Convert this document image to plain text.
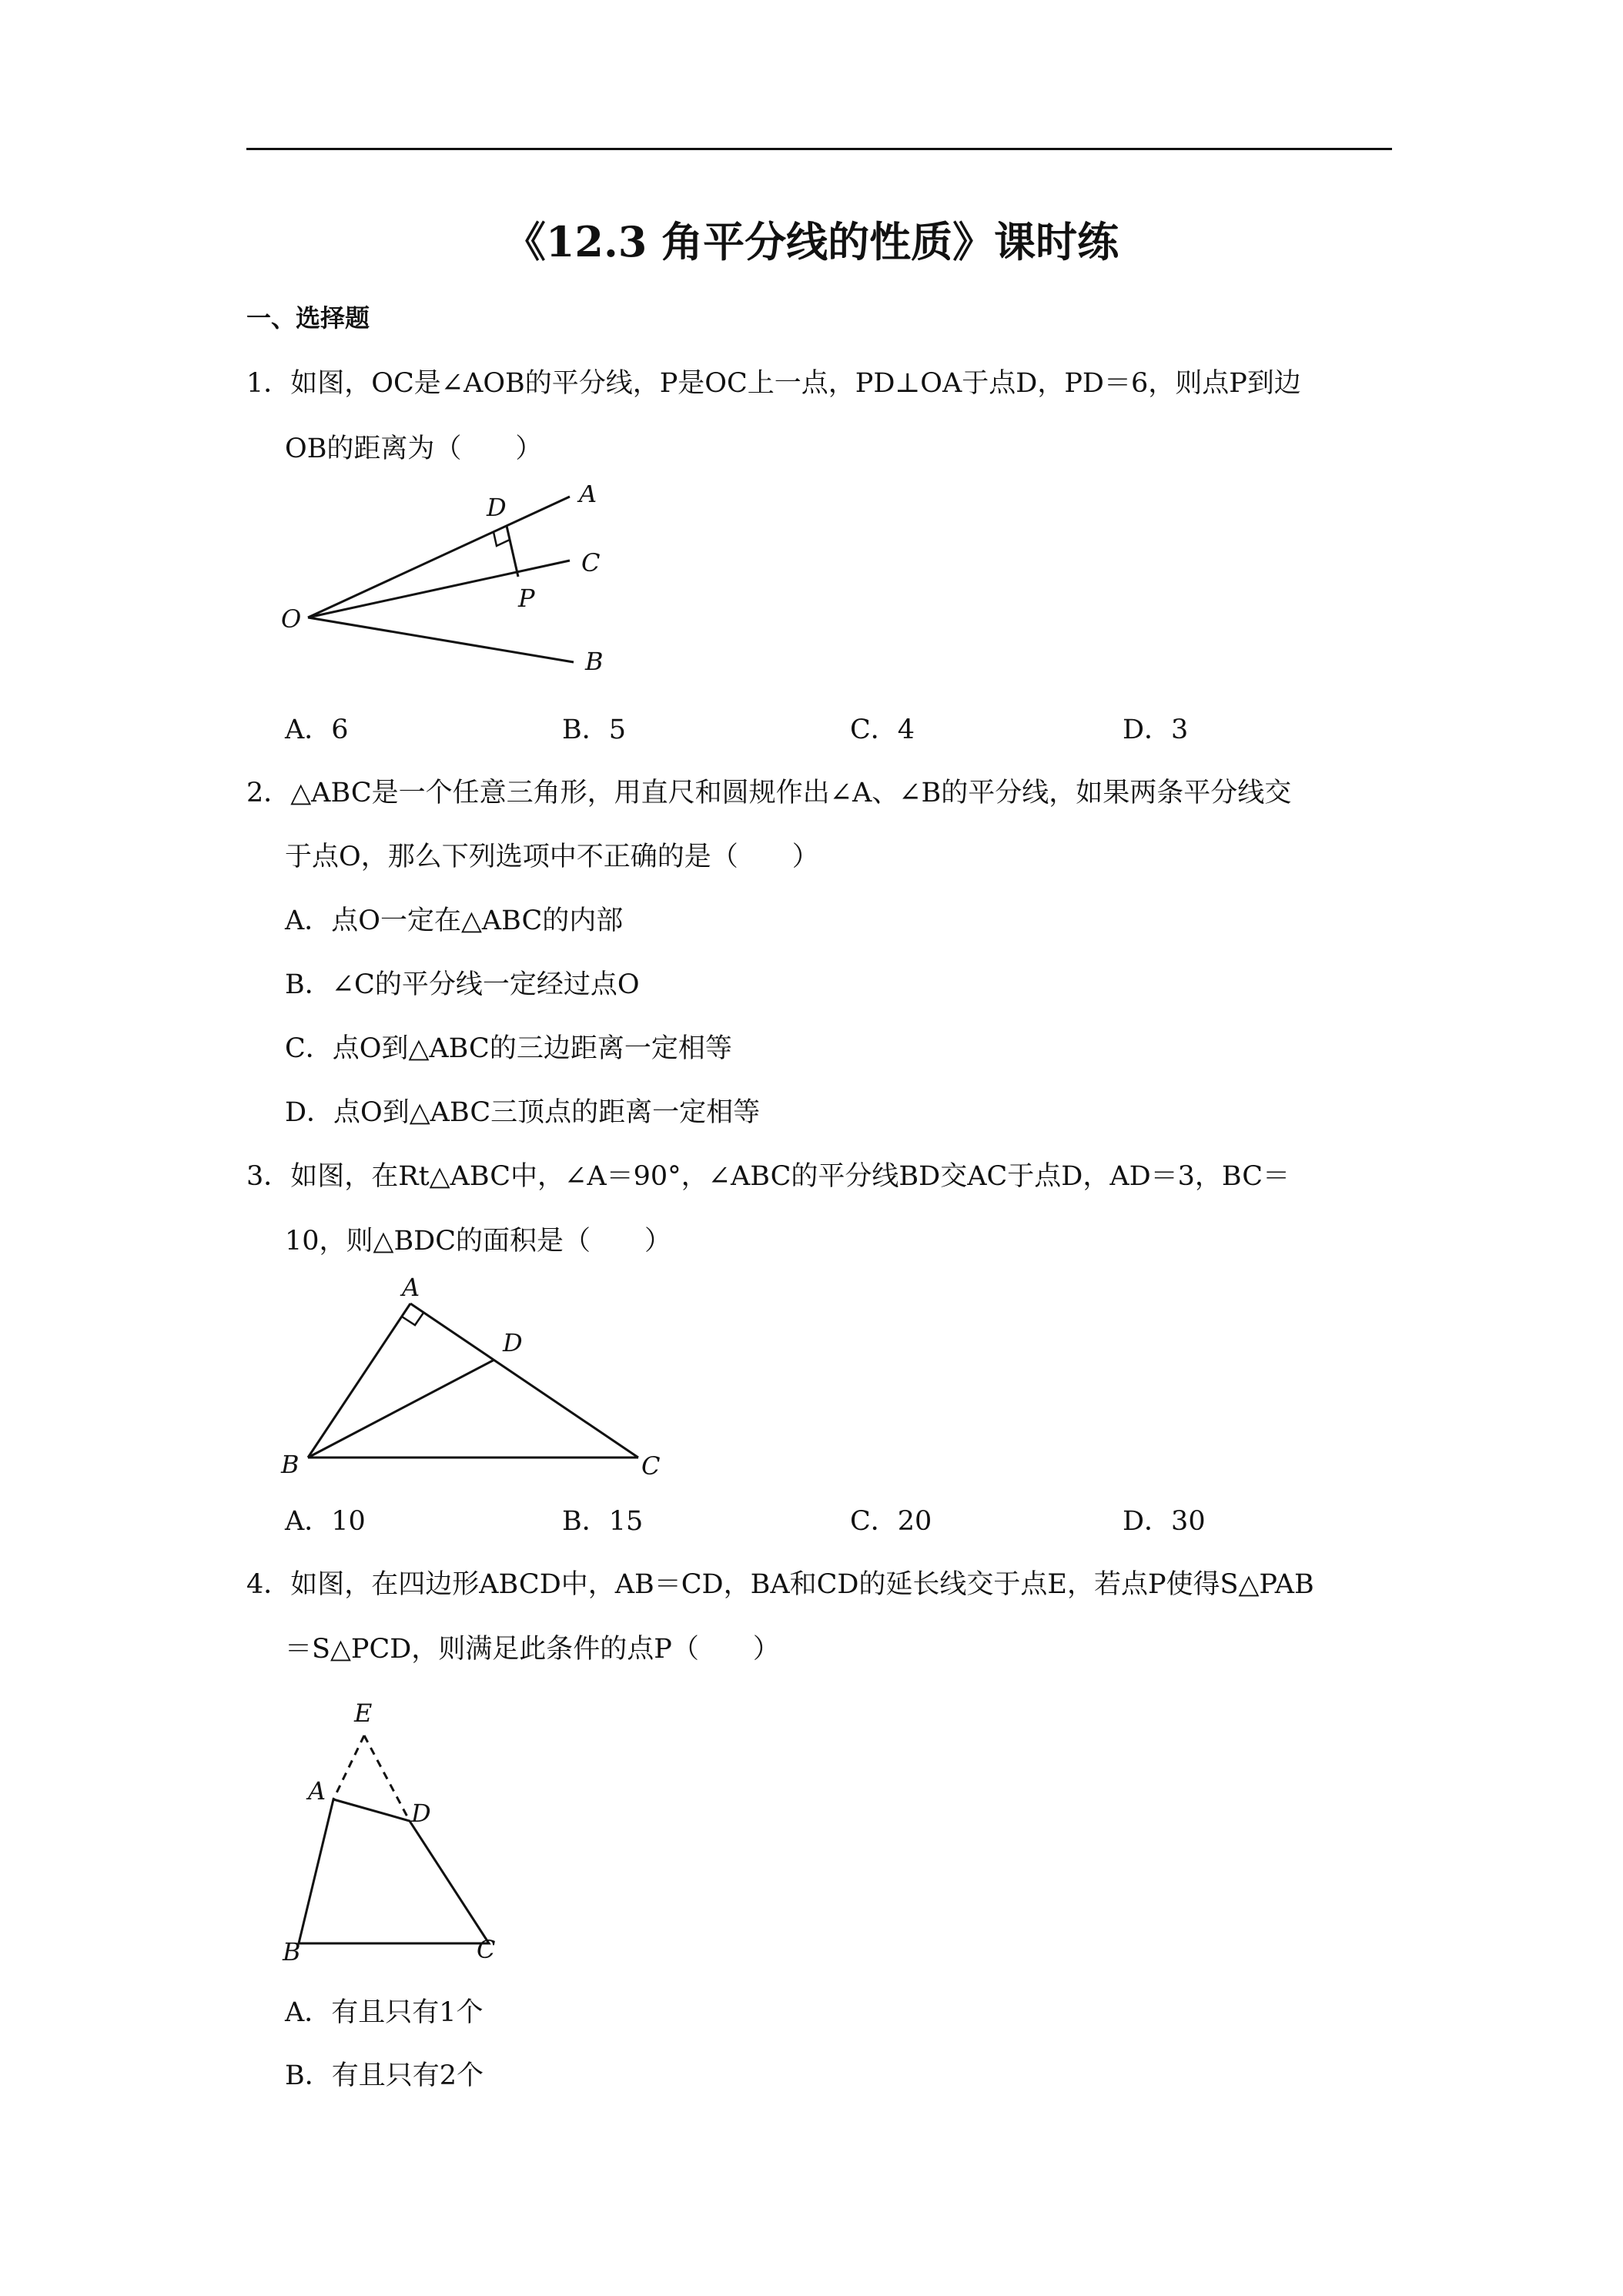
《12.3 角平分线的性质》课时练
一、选择题
1．如图，OC是∠AOB的平分线，P是OC上一点，PD⊥OA于点D，PD＝6，则点P到边
OB的距离为（　　）
O
A
C
B
D
P
A．6	B．5	C．4	D．3
2．△ABC是一个任意三角形，用直尺和圆规作出∠A、∠B的平分线，如果两条平分线交
于点O，那么下列选项中不正确的是（　　）
A．点O一定在△ABC的内部
B．∠C的平分线一定经过点O
C．点O到△ABC的三边距离一定相等
D．点O到△ABC三顶点的距离一定相等
3．如图，在Rt△ABC中，∠A＝90°，∠ABC的平分线BD交AC于点D，AD＝3，BC＝
10，则△BDC的面积是（　　）
A
B	C
D
A．10	B．15	C．20	D．30
4．如图，在四边形ABCD中，AB＝CD，BA和CD的延长线交于点E，若点P使得S△PAB
＝S△PCD，则满足此条件的点P（　　）
E
A
C
B
D
A．有且只有1个
B．有且只有2个
